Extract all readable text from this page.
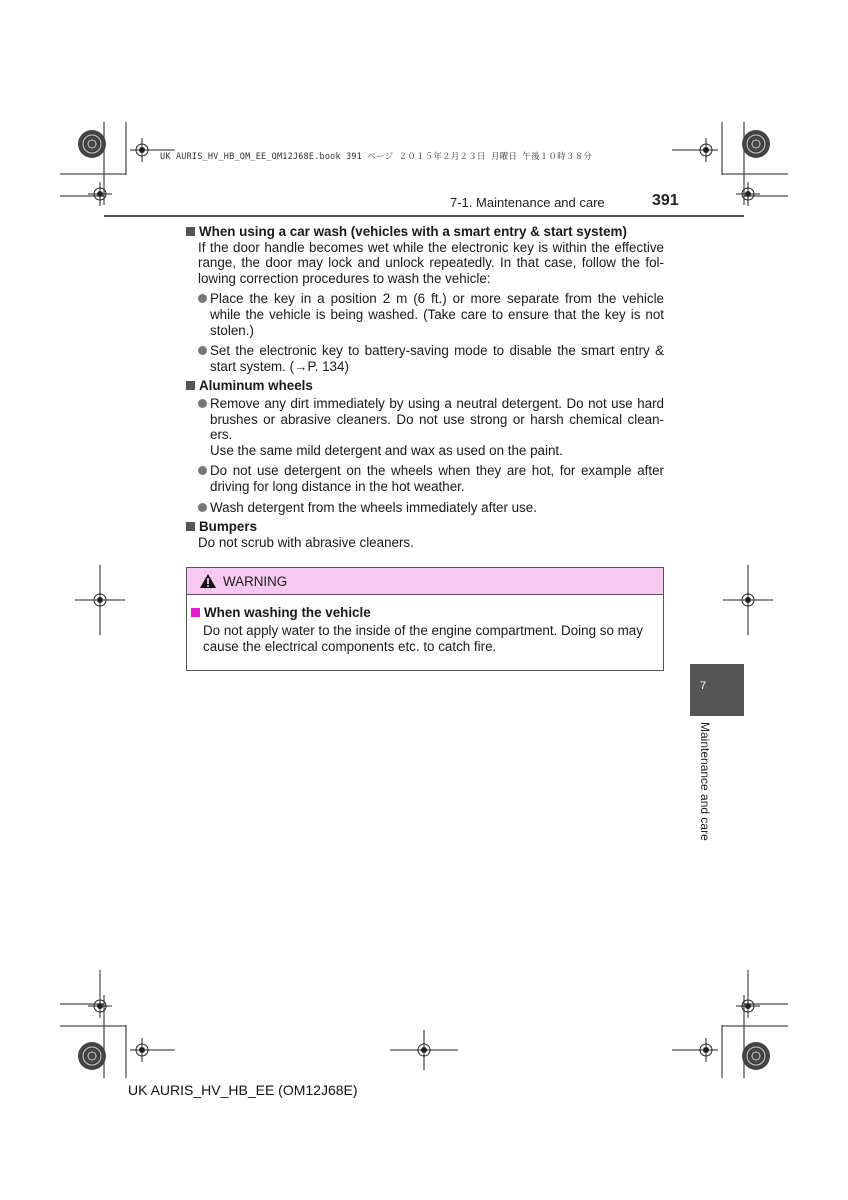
UK AURIS_HV_HB_OM_EE_OM12J68E.book 391 ページ ２０１５年２月２３日 月曜日 午後１０時３８分
7-1. Maintenance and care	391
When using a car wash (vehicles with a smart entry & start system)

If the door handle becomes wet while the electronic key is within the effective range, the door may lock and unlock repeatedly. In that case, follow the fol-lowing correction procedures to wash the vehicle:

Place the key in a position 2 m (6 ft.) or more separate from the vehicle while the vehicle is being washed. (Take care to ensure that the key is not stolen.)
Set the electronic key to battery-saving mode to disable the smart entry & start system. (→P. 134)
Aluminum wheels
Remove any dirt immediately by using a neutral detergent. Do not use hard brushes or abrasive cleaners. Do not use strong or harsh chemical clean-ers.
Use the same mild detergent and wax as used on the paint.
Do not use detergent on the wheels when they are hot, for example after driving for long distance in the hot weather.
Wash detergent from the wheels immediately after use.
Bumpers

Do not scrub with abrasive cleaners.

WARNING
When washing the vehicle
Do not apply water to the inside of the engine compartment. Doing so may cause the electrical components etc. to catch fire.
7
Maintenance and care
UK AURIS_HV_HB_EE (OM12J68E)
